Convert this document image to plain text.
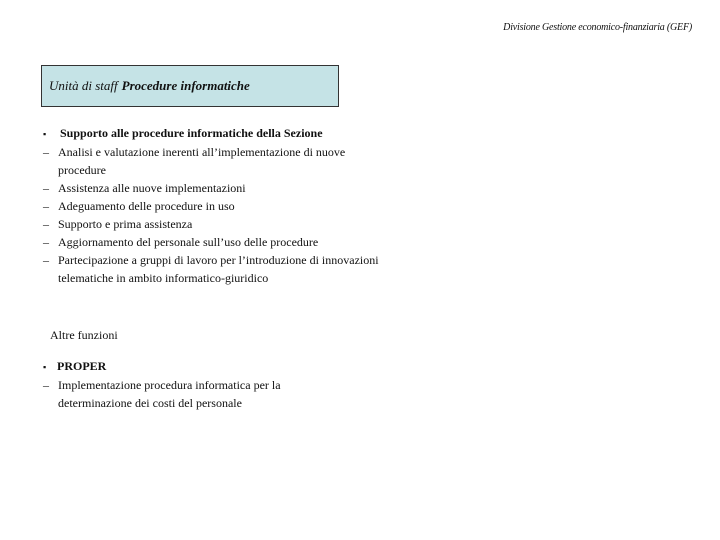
Divisione Gestione economico-finanziaria (GEF)
Unità di staff Procedure informatiche
▪	Supporto alle procedure informatiche della Sezione
– Analisi e valutazione inerenti all’implementazione di nuove procedure
– Assistenza alle nuove implementazioni
– Adeguamento delle procedure in uso
– Supporto e prima assistenza
– Aggiornamento del personale sull’uso delle procedure
– Partecipazione a gruppi di lavoro per l’introduzione di innovazioni telematiche in ambito informatico-giuridico
Altre funzioni
▪ PROPER
– Implementazione procedura informatica per la determinazione dei costi del personale
